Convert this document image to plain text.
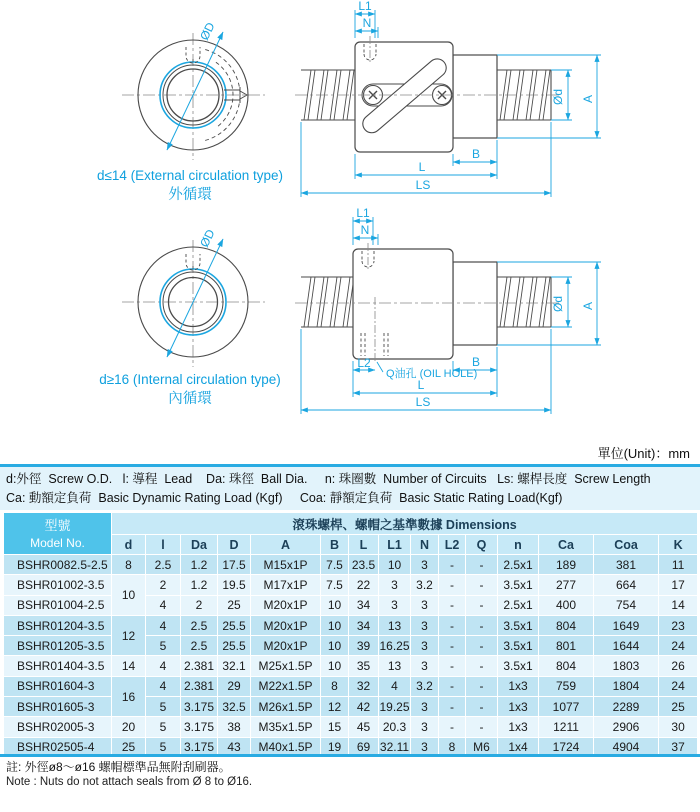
ØD
d≤14 (External circulation type)
外循環
L1
N
A
Ød
B
L
LS
ØD
d≥16 (Internal circulation type)
內循環
L1
N
A
Ød
L2
Q油孔 (OIL HOLE)
B
L
LS
單位(Unit)：mm
d:外徑  Screw O.D.   l: 導程  Lead    Da: 珠徑  Ball Dia.     n: 珠圈數  Number of Circuits   Ls: 螺桿長度  Screw Length
Ca: 動額定負荷  Basic Dynamic Rating Load (Kgf)     Coa: 靜額定負荷  Basic Static Rating Load(Kgf)
型號
Model No.	滾珠螺桿、螺帽之基準數據 Dimensions														
	d	l	Da	D	A	B	L	L1	N	L2	Q	n	Ca	Coa	K
BSHR0082.5-2.5	8	2.5	1.2	17.5	M15x1P	7.5	23.5	10	3	-	-	2.5x1	189	381	11
BSHR01002-3.5	10	2	1.2	19.5	M17x1P	7.5	22	3	3.2	-	-	3.5x1	277	664	17
BSHR01004-2.5		4	2	25	M20x1P	10	34	3	3	-	-	2.5x1	400	754	14
BSHR01204-3.5	12	4	2.5	25.5	M20x1P	10	34	13	3	-	-	3.5x1	804	1649	23
BSHR01205-3.5		5	2.5	25.5	M20x1P	10	39	16.25	3	-	-	3.5x1	801	1644	24
BSHR01404-3.5	14	4	2.381	32.1	M25x1.5P	10	35	13	3	-	-	3.5x1	804	1803	26
BSHR01604-3	16	4	2.381	29	M22x1.5P	8	32	4	3.2	-	-	1x3	759	1804	24
BSHR01605-3		5	3.175	32.5	M26x1.5P	12	42	19.25	3	-	-	1x3	1077	2289	25
BSHR02005-3	20	5	3.175	38	M35x1.5P	15	45	20.3	3	-	-	1x3	1211	2906	30
BSHR02505-4	25	5	3.175	43	M40x1.5P	19	69	32.11	3	8	M6	1x4	1724	4904	37
註: 外徑ø8～ø16 螺帽標準品無附刮刷器。
Note : Nuts do not attach seals from Ø 8 to Ø16.
